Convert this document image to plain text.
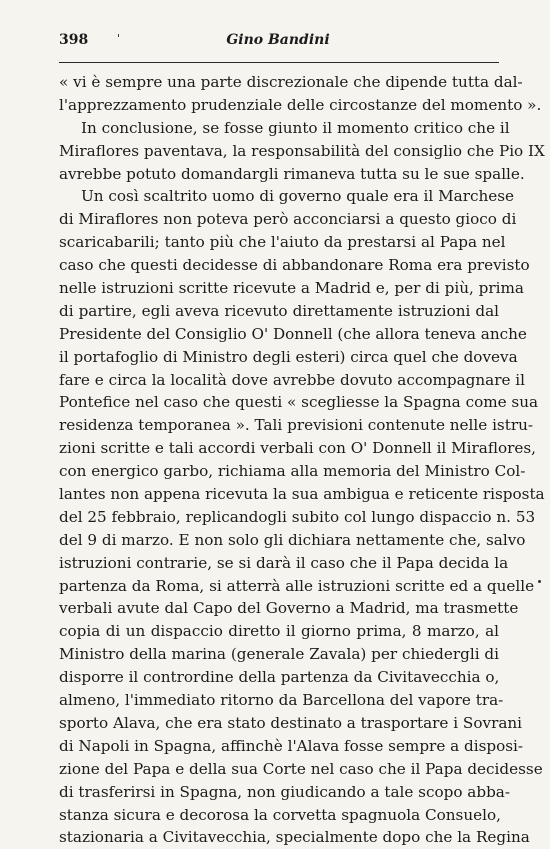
398	'	Gino Bandini
« vi è sempre una parte discrezionale che dipende tutta dal-
l'apprezzamento prudenziale delle circostanze del momento ».
In conclusione, se fosse giunto il momento critico che il
Miraflores paventava, la responsabilità del consiglio che Pio IX
avrebbe potuto domandargli rimaneva tutta su le sue spalle.
Un così scaltrito uomo di governo quale era il Marchese
di Miraflores non poteva però acconciarsi a questo gioco di
scaricabarili; tanto più che l'aiuto da prestarsi al Papa nel
caso che questi decidesse di abbandonare Roma era previsto
nelle istruzioni scritte ricevute a Madrid e, per di più, prima
di partire, egli aveva ricevuto direttamente istruzioni dal
Presidente del Consiglio O' Donnell (che allora teneva anche
il portafoglio di Ministro degli esteri) circa quel che doveva
fare e circa la località dove avrebbe dovuto accompagnare il
Pontefice nel caso che questi « scegliesse la Spagna come sua
residenza temporanea ». Tali previsioni contenute nelle istru-
zioni scritte e tali accordi verbali con O' Donnell il Miraflores,
con energico garbo, richiama alla memoria del Ministro Col-
lantes non appena ricevuta la sua ambigua e reticente risposta
del 25 febbraio, replicandogli subito col lungo dispaccio n. 53
del 9 di marzo. E non solo gli dichiara nettamente che, salvo
istruzioni contrarie, se si darà il caso che il Papa decida la
partenza da Roma, si atterrà alle istruzioni scritte ed a quelle
verbali avute dal Capo del Governo a Madrid, ma trasmette
copia di un dispaccio diretto il giorno prima, 8 marzo, al
Ministro della marina (generale Zavala) per chiedergli di
disporre il contrordine della partenza da Civitavecchia o,
almeno, l'immediato ritorno da Barcellona del vapore tra-
sporto Alava, che era stato destinato a trasportare i Sovrani
di Napoli in Spagna, affinchè l'Alava fosse sempre a disposi-
zione del Papa e della sua Corte nel caso che il Papa decidesse
di trasferirsi in Spagna, non giudicando a tale scopo abba-
stanza sicura e decorosa la corvetta spagnuola Consuelo,
stazionaria a Civitavecchia, specialmente dopo che la Regina
